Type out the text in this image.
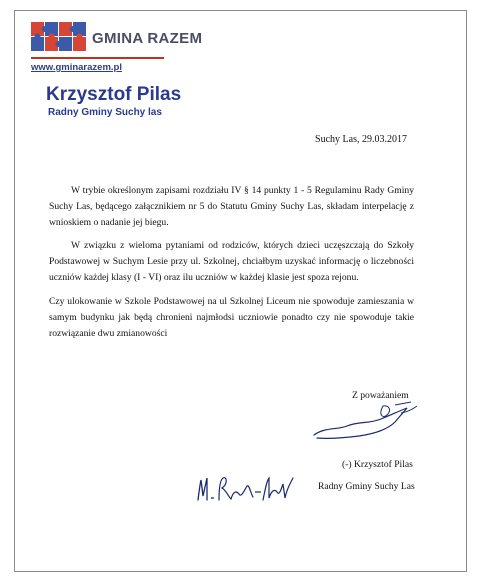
GMINA RAZEM
www.gminarazem.pl
Krzysztof Pilas
Radny Gminy Suchy las
Suchy Las, 29.03.2017

W trybie określonym zapisami rozdziału IV § 14 punkty 1 - 5 Regulaminu Rady Gminy Suchy Las, będącego załącznikiem nr 5 do Statutu Gminy Suchy Las, składam interpelację z wnioskiem o nadanie jej biegu.

W związku z wieloma pytaniami od rodziców, których dzieci uczęszczają do Szkoły Podstawowej w Suchym Lesie przy ul. Szkolnej, chciałbym uzyskać informację o liczebności uczniów każdej klasy (I - VI) oraz ilu uczniów w każdej klasie jest spoza rejonu.

Czy ulokowanie w Szkole Podstawowej na ul Szkolnej Liceum nie spowoduje zamieszania w samym budynku jak będą chronieni najmłodsi uczniowie ponadto czy nie spowoduje takie rozwiązanie dwu zmianowości

Z poważaniem
(-) Krzysztof Pilas
Radny Gminy Suchy Las
